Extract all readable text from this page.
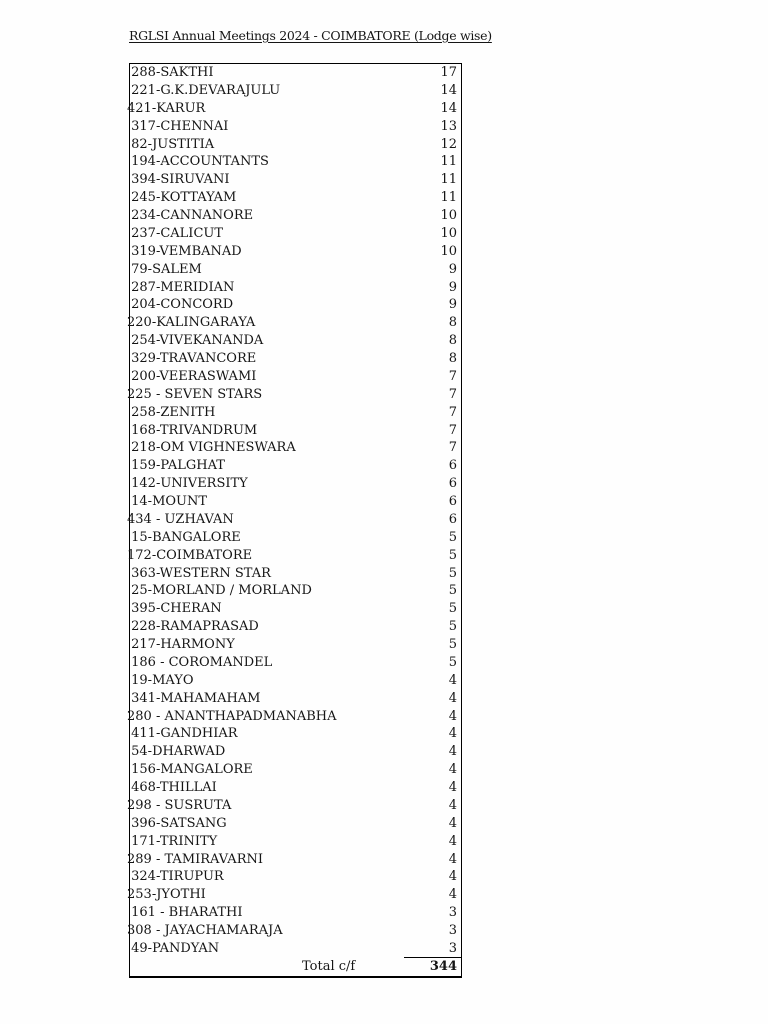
RGLSI Annual Meetings 2024 - COIMBATORE (Lodge wise)
288-SAKTHI	17
221-G.K.DEVARAJULU	14
421-KARUR	14
317-CHENNAI	13
82-JUSTITIA	12
194-ACCOUNTANTS	11
394-SIRUVANI	11
245-KOTTAYAM	11
234-CANNANORE	10
237-CALICUT	10
319-VEMBANAD	10
79-SALEM	9
287-MERIDIAN	9
204-CONCORD	9
220-KALINGARAYA	8
254-VIVEKANANDA	8
329-TRAVANCORE	8
200-VEERASWAMI	7
225 - SEVEN STARS	7
258-ZENITH	7
168-TRIVANDRUM	7
218-OM VIGHNESWARA	7
159-PALGHAT	6
142-UNIVERSITY	6
14-MOUNT	6
434 - UZHAVAN	6
15-BANGALORE	5
172-COIMBATORE	5
363-WESTERN STAR	5
25-MORLAND / MORLAND	5
395-CHERAN	5
228-RAMAPRASAD	5
217-HARMONY	5
186 - COROMANDEL	5
19-MAYO	4
341-MAHAMAHAM	4
280 - ANANTHAPADMANABHA	4
411-GANDHIAR	4
54-DHARWAD	4
156-MANGALORE	4
468-THILLAI	4
298 - SUSRUTA	4
396-SATSANG	4
171-TRINITY	4
289 - TAMIRAVARNI	4
324-TIRUPUR	4
253-JYOTHI	4
161 - BHARATHI	3
308 - JAYACHAMARAJA	3
49-PANDYAN	3
Total c/f	344
